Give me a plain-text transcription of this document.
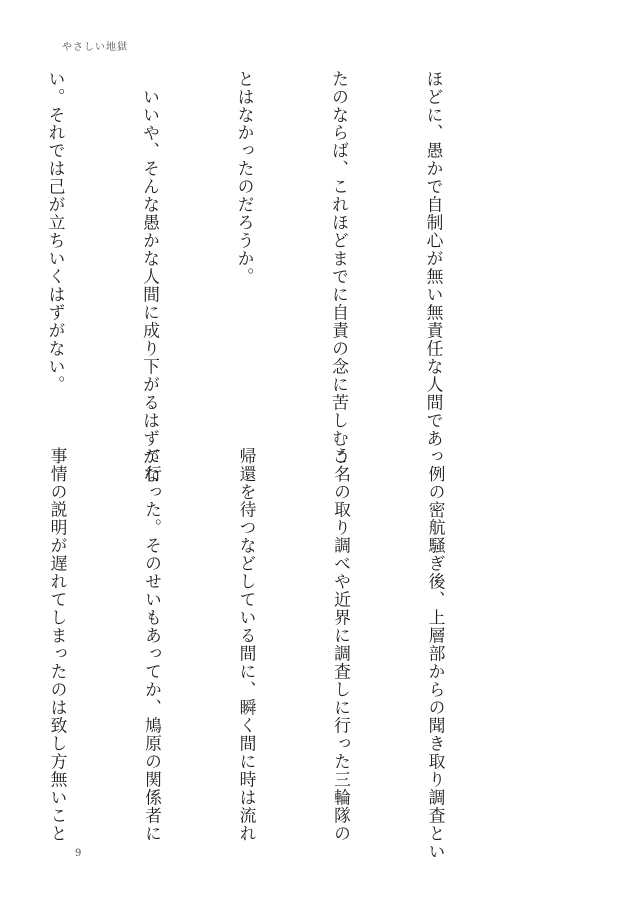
やさしい地獄

ほどに、愚かで自制心が無い無責任な人間であっ

たのならば、これほどまでに自責の念に苦しむこ

とはなかったのだろうか。

いいや、そんな愚かな人間に成り下がるはずがな

い。それでは己が立ちいくはずがない。

例の密航騒ぎ後、上層部からの聞き取り調査とい

う名の取り調べや近界に調査しに行った三輪隊の

帰還を待つなどしている間に、瞬く間に時は流れ

て行った。そのせいもあってか、鳩原の関係者に

事情の説明が遅れてしまったのは致し方無いこと

9
